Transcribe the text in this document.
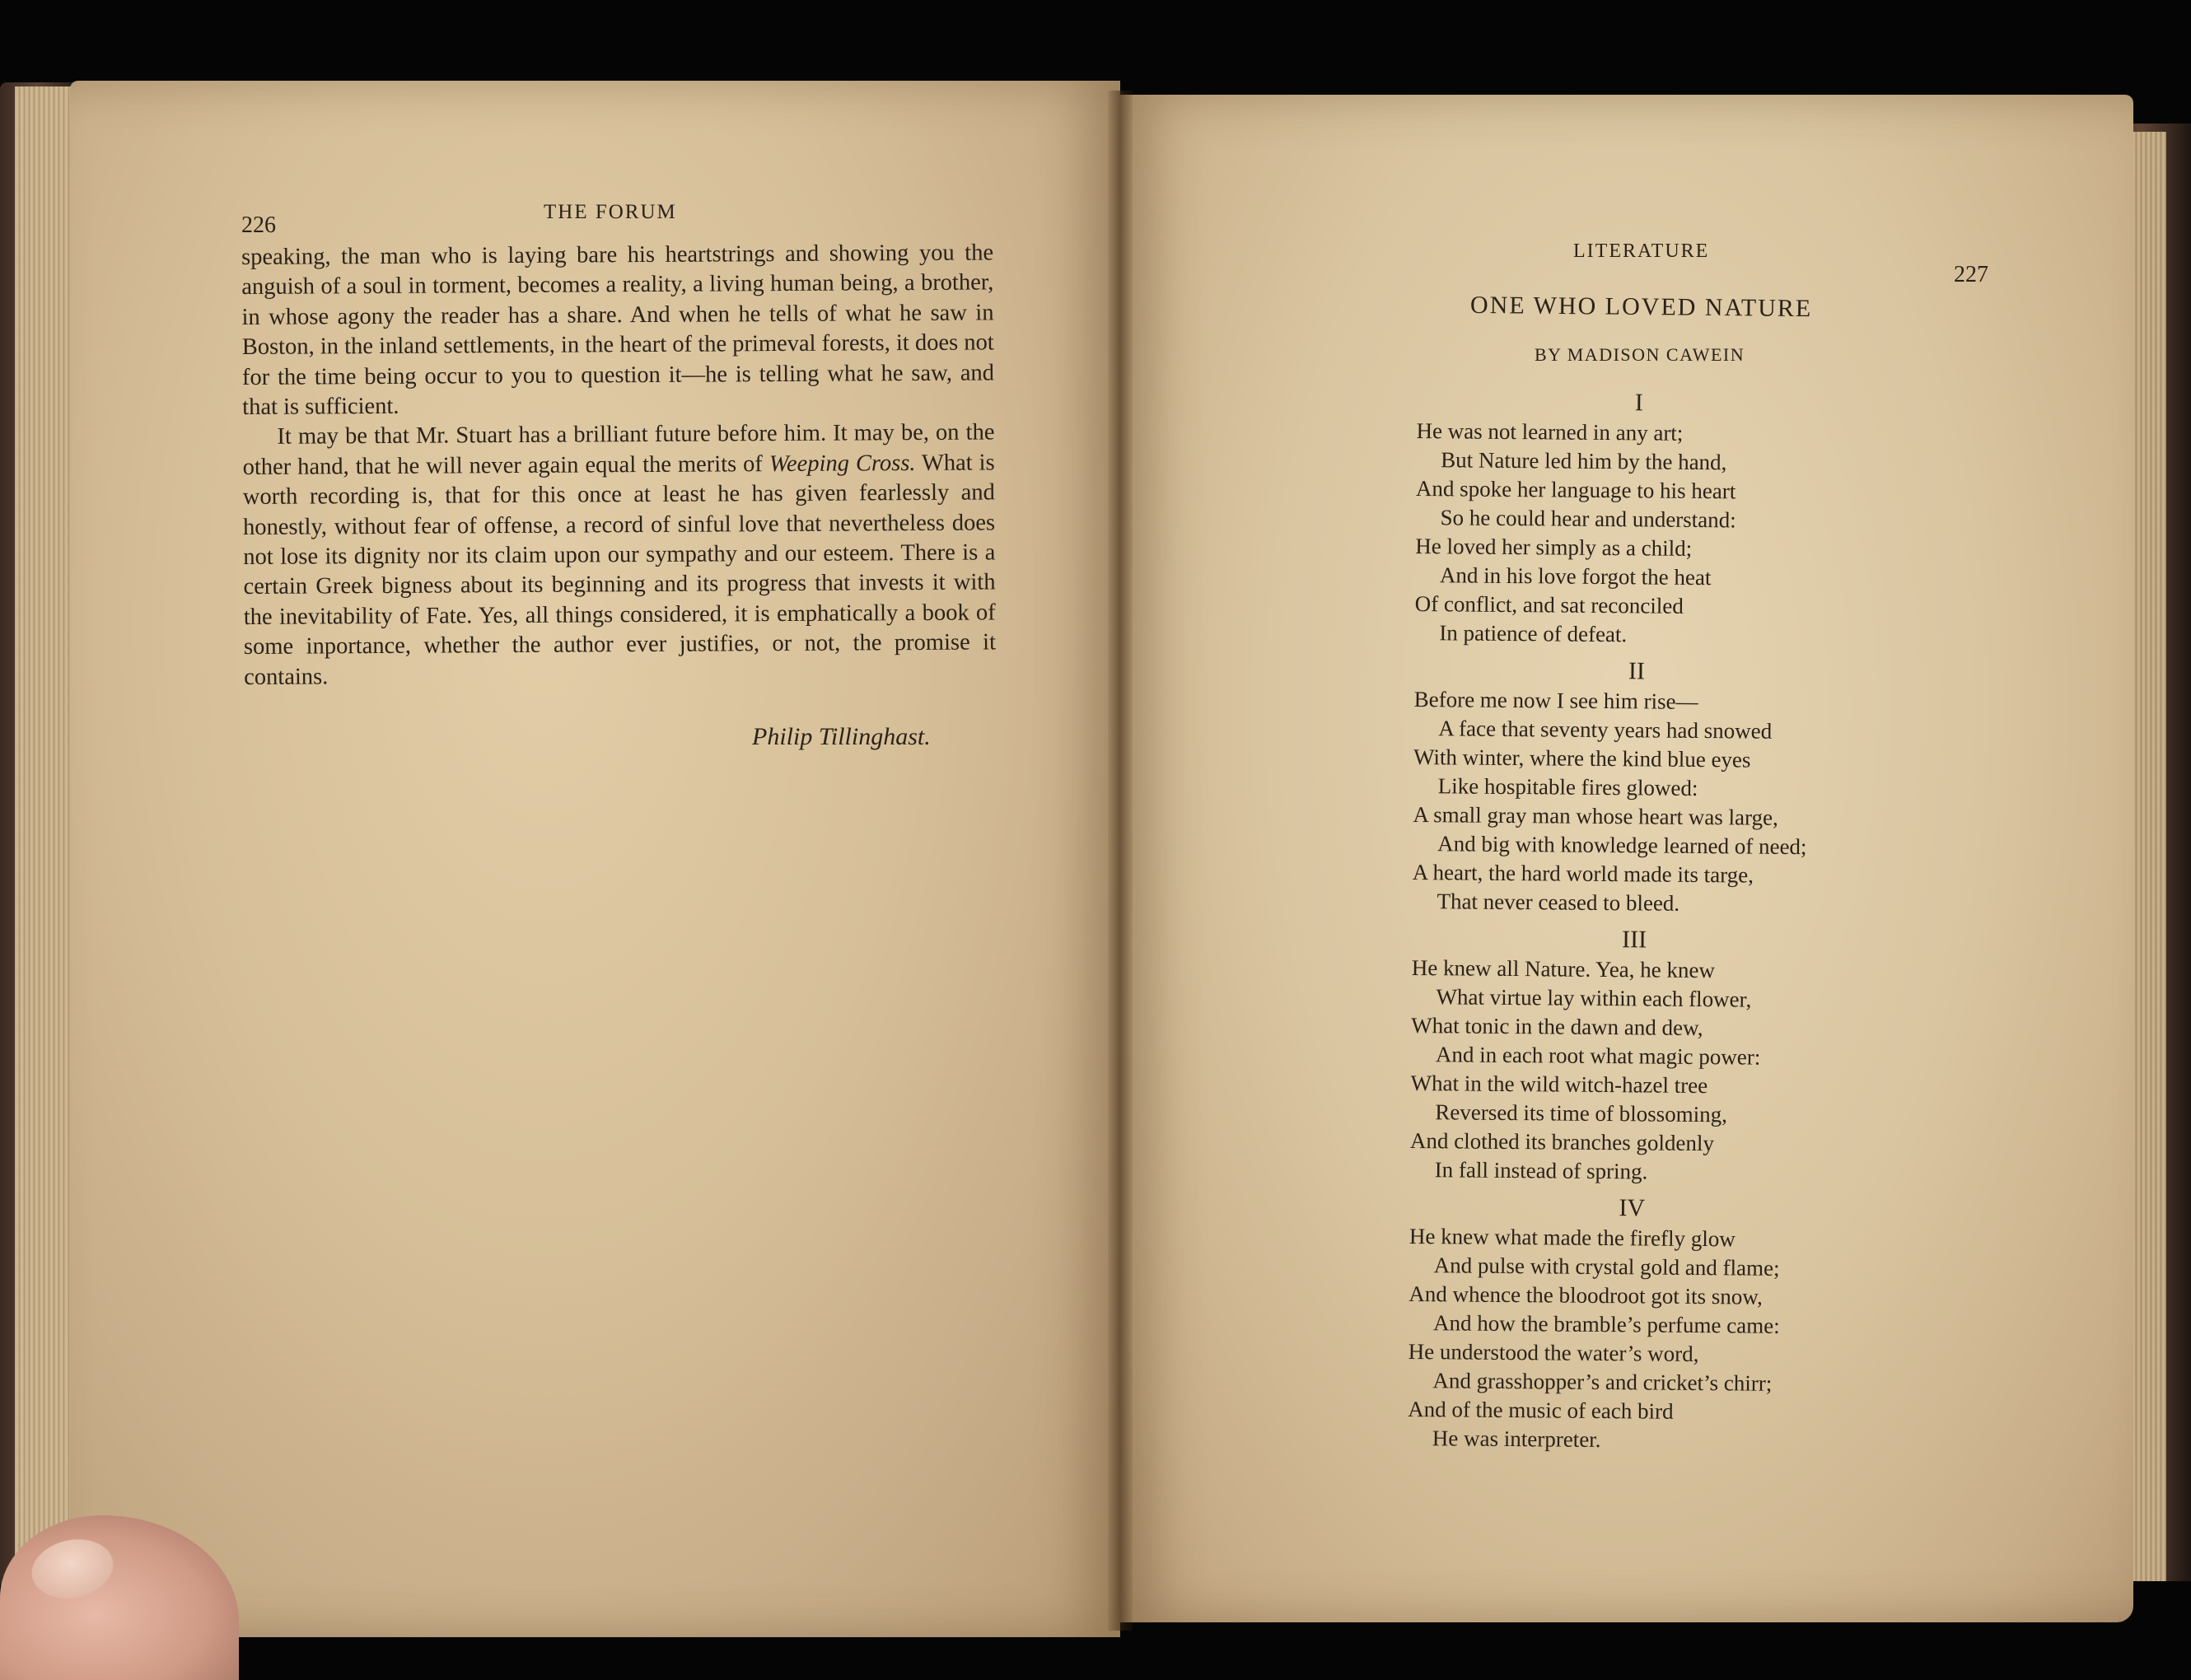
226
THE FORUM

speaking, the man who is laying bare his heartstrings and showing you the anguish of a soul in torment, becomes a reality, a living human being, a brother, in whose agony the reader has a share. And when he tells of what he saw in Boston, in the inland settlements, in the heart of the primeval forests, it does not for the time being occur to you to question it—he is telling what he saw, and that is sufficient.

It may be that Mr. Stuart has a brilliant future before him. It may be, on the other hand, that he will never again equal the merits of Weeping Cross. What is worth recording is, that for this once at least he has given fearlessly and honestly, without fear of offense, a record of sinful love that nevertheless does not lose its dignity nor its claim upon our sympathy and our esteem. There is a certain Greek bigness about its beginning and its progress that invests it with the inevitability of Fate. Yes, all things considered, it is emphatically a book of some inportance, whether the author ever justifies, or not, the promise it contains.

Philip Tillinghast.
LITERATURE
227
ONE WHO LOVED NATURE
BY MADISON CAWEIN
I
He was not learned in any art;
But Nature led him by the hand,
And spoke her language to his heart
So he could hear and understand:
He loved her simply as a child;
And in his love forgot the heat
Of conflict, and sat reconciled
In patience of defeat.
II
Before me now I see him rise—
A face that seventy years had snowed
With winter, where the kind blue eyes
Like hospitable fires glowed:
A small gray man whose heart was large,
And big with knowledge learned of need;
A heart, the hard world made its targe,
That never ceased to bleed.
III
He knew all Nature. Yea, he knew
What virtue lay within each flower,
What tonic in the dawn and dew,
And in each root what magic power:
What in the wild witch-hazel tree
Reversed its time of blossoming,
And clothed its branches goldenly
In fall instead of spring.
IV
He knew what made the firefly glow
And pulse with crystal gold and flame;
And whence the bloodroot got its snow,
And how the bramble’s perfume came:
He understood the water’s word,
And grasshopper’s and cricket’s chirr;
And of the music of each bird
He was interpreter.
